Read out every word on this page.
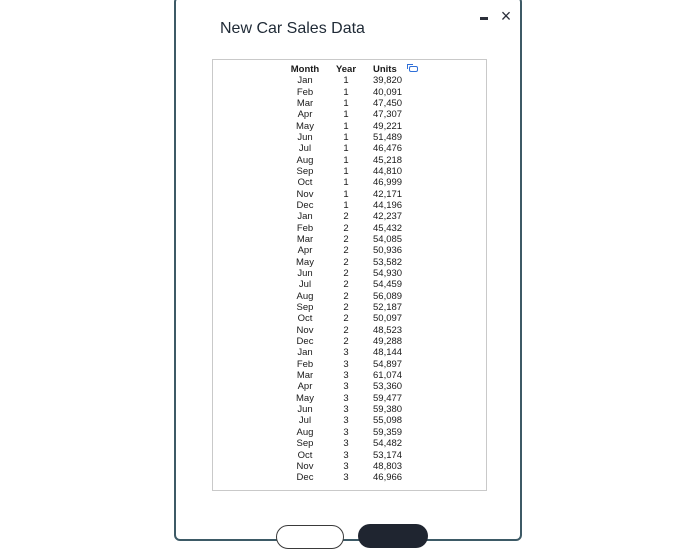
New Car Sales Data
×
Month	Year	Units
Jan	1	39,820
Feb	1	40,091
Mar	1	47,450
Apr	1	47,307
May	1	49,221
Jun	1	51,489
Jul	1	46,476
Aug	1	45,218
Sep	1	44,810
Oct	1	46,999
Nov	1	42,171
Dec	1	44,196
Jan	2	42,237
Feb	2	45,432
Mar	2	54,085
Apr	2	50,936
May	2	53,582
Jun	2	54,930
Jul	2	54,459
Aug	2	56,089
Sep	2	52,187
Oct	2	50,097
Nov	2	48,523
Dec	2	49,288
Jan	3	48,144
Feb	3	54,897
Mar	3	61,074
Apr	3	53,360
May	3	59,477
Jun	3	59,380
Jul	3	55,098
Aug	3	59,359
Sep	3	54,482
Oct	3	53,174
Nov	3	48,803
Dec	3	46,966
